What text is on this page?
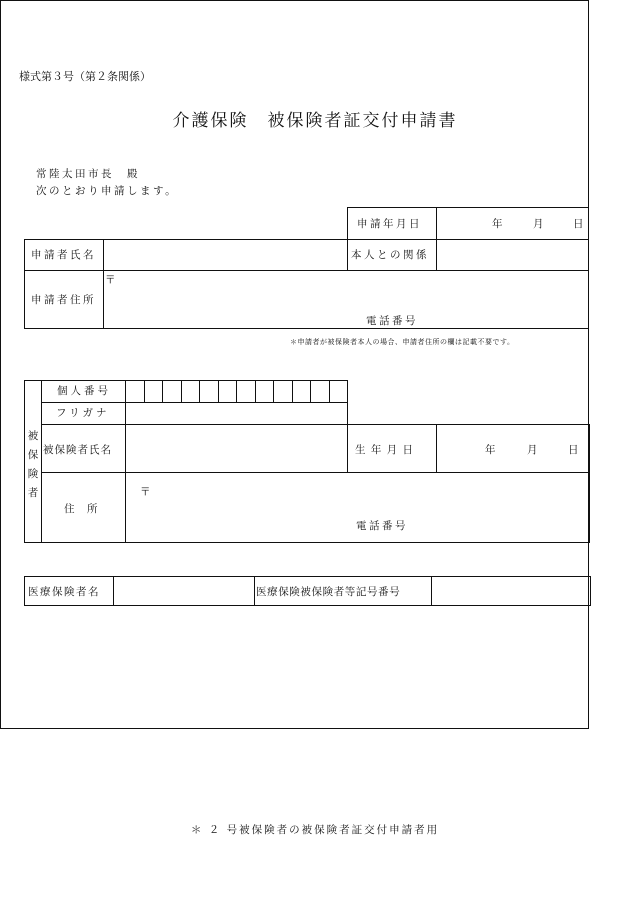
様式第３号（第２条関係）
介護保険　被保険者証交付申請書
常陸太田市長　殿
次のとおり申請します。
申請年月日	年	月	日
申請者氏名	本人との関係
申請者住所
〒
電話番号
＊申請者が被保険者本人の場合、申請者住所の欄は記載不要です。
被保険者
個人番号
フリガナ
被保険者氏名	生 年 月 日	年	月	日
住　所
〒
電話番号
医療保険者名	医療保険被保険者等記号番号
＊ ２ 号被保険者の被保険者証交付申請者用
